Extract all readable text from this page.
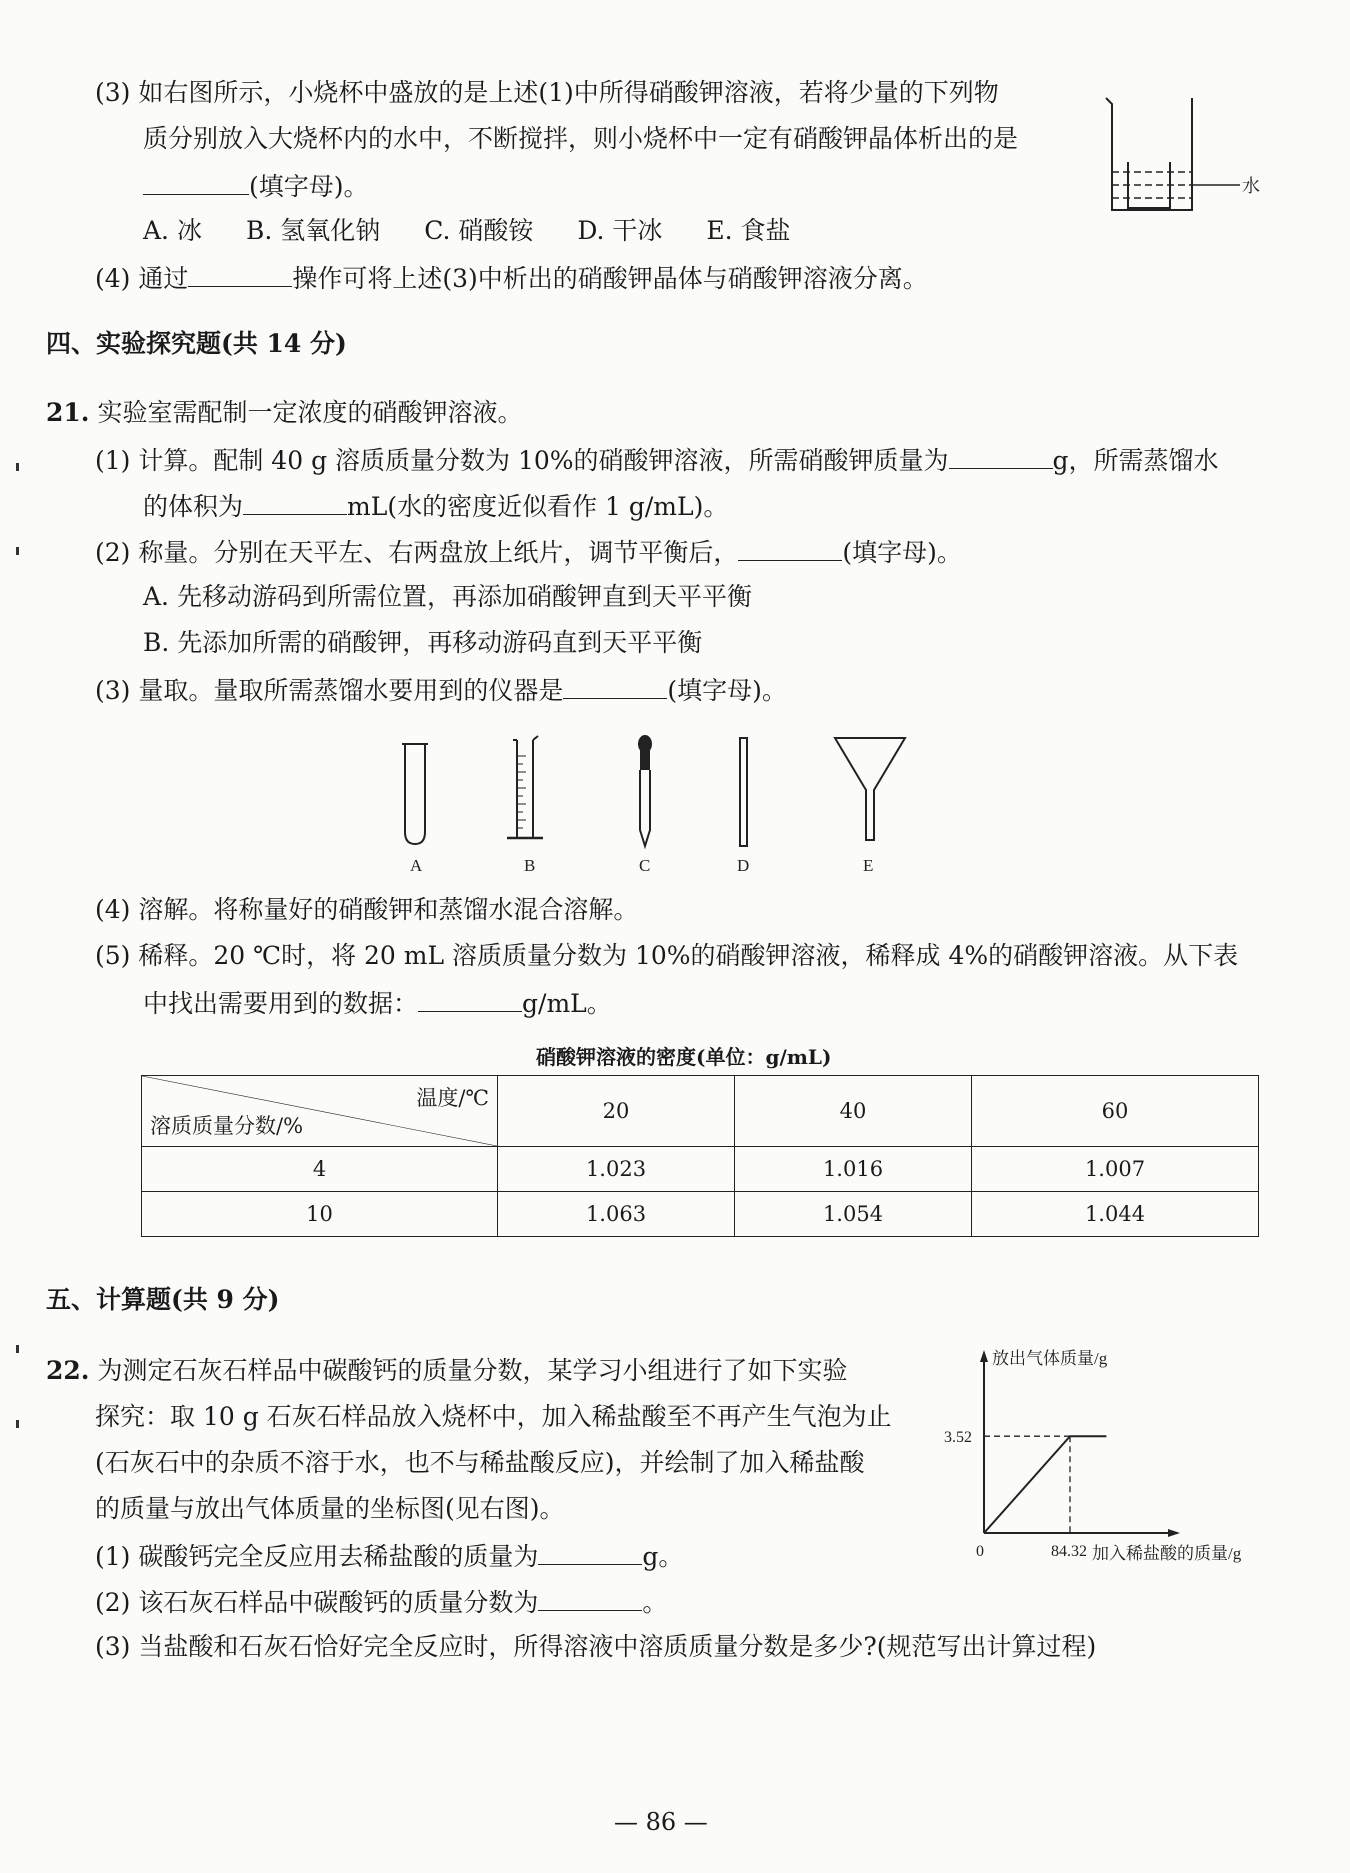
(3) 如右图所示，小烧杯中盛放的是上述(1)中所得硝酸钾溶液，若将少量的下列物
质分别放入大烧杯内的水中，不断搅拌，则小烧杯中一定有硝酸钾晶体析出的是
(填字母)。
A. 冰 B. 氢氧化钠 C. 硝酸铵 D. 干冰 E. 食盐
(4) 通过	操作可将上述(3)中析出的硝酸钾晶体与硝酸钾溶液分离。
水
四、实验探究题(共 14 分)
21. 实验室需配制一定浓度的硝酸钾溶液。
(1) 计算。配制 40 g 溶质质量分数为 10%的硝酸钾溶液，所需硝酸钾质量为	g，所需蒸馏水
的体积为	mL(水的密度近似看作 1 g/mL)。
(2) 称量。分别在天平左、右两盘放上纸片，调节平衡后，	(填字母)。
A. 先移动游码到所需位置，再添加硝酸钾直到天平平衡
B. 先添加所需的硝酸钾，再移动游码直到天平平衡
(3) 量取。量取所需蒸馏水要用到的仪器是	(填字母)。
A	B	C	D	E
(4) 溶解。将称量好的硝酸钾和蒸馏水混合溶解。
(5) 稀释。20 ℃时，将 20 mL 溶质质量分数为 10%的硝酸钾溶液，稀释成 4%的硝酸钾溶液。从下表
中找出需要用到的数据：	g/mL。
硝酸钾溶液的密度(单位：g/mL)
温度/℃
溶质质量分数/%	20	40	60
4	1.023	1.016	1.007
10	1.063	1.054	1.044
五、计算题(共 9 分)
22. 为测定石灰石样品中碳酸钙的质量分数，某学习小组进行了如下实验
探究：取 10 g 石灰石样品放入烧杯中，加入稀盐酸至不再产生气泡为止
(石灰石中的杂质不溶于水，也不与稀盐酸反应)，并绘制了加入稀盐酸
的质量与放出气体质量的坐标图(见右图)。
(1) 碳酸钙完全反应用去稀盐酸的质量为	g。
(2) 该石灰石样品中碳酸钙的质量分数为	。
(3) 当盐酸和石灰石恰好完全反应时，所得溶液中溶质质量分数是多少?(规范写出计算过程)
放出气体质量/g
加入稀盐酸的质量/g
0	84.32
3.52
— 86 —
